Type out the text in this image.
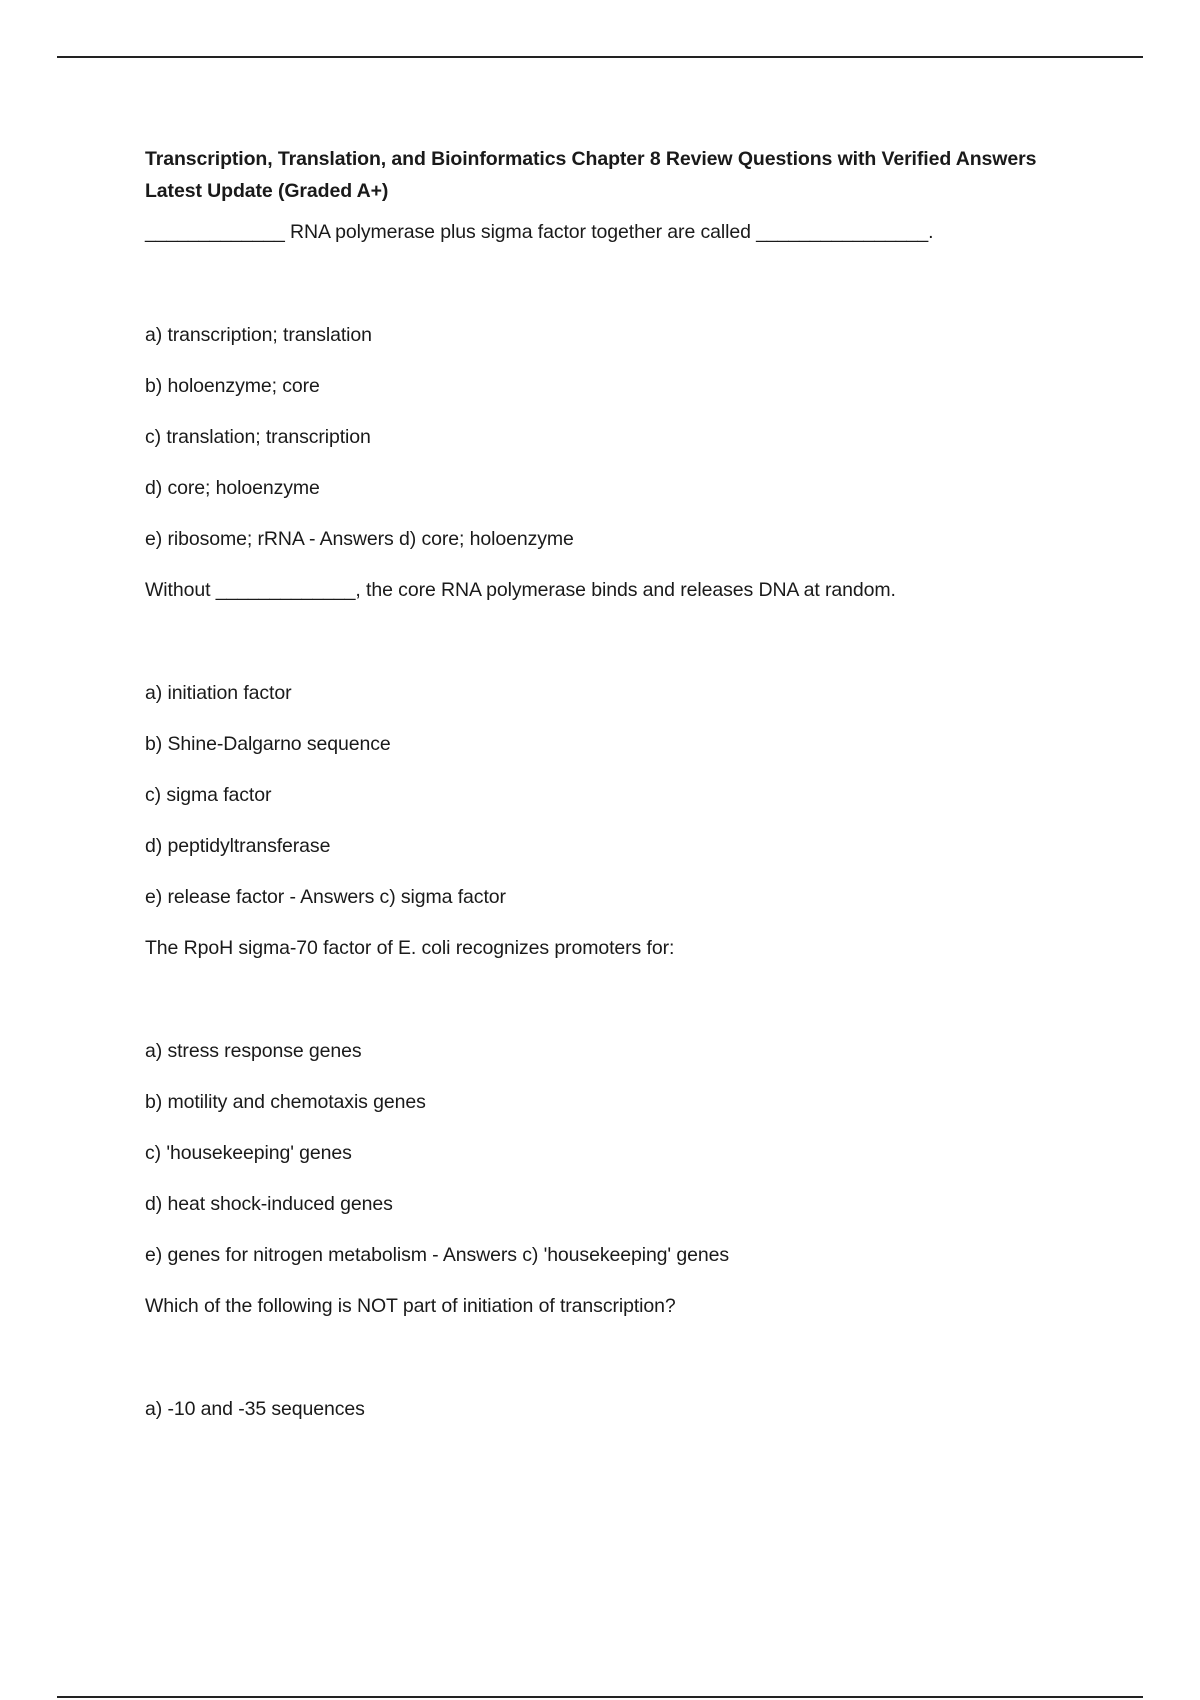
Transcription, Translation, and Bioinformatics Chapter 8 Review Questions with Verified Answers Latest Update (Graded A+)
_____________ RNA polymerase plus sigma factor together are called ________________.
a) transcription; translation
b) holoenzyme; core
c) translation; transcription
d) core; holoenzyme
e) ribosome; rRNA - Answers d) core; holoenzyme
Without _____________, the core RNA polymerase binds and releases DNA at random.
a) initiation factor
b) Shine-Dalgarno sequence
c) sigma factor
d) peptidyltransferase
e) release factor - Answers c) sigma factor
The RpoH sigma-70 factor of E. coli recognizes promoters for:
a) stress response genes
b) motility and chemotaxis genes
c) 'housekeeping' genes
d) heat shock-induced genes
e) genes for nitrogen metabolism - Answers c) 'housekeeping' genes
Which of the following is NOT part of initiation of transcription?
a) -10 and -35 sequences
